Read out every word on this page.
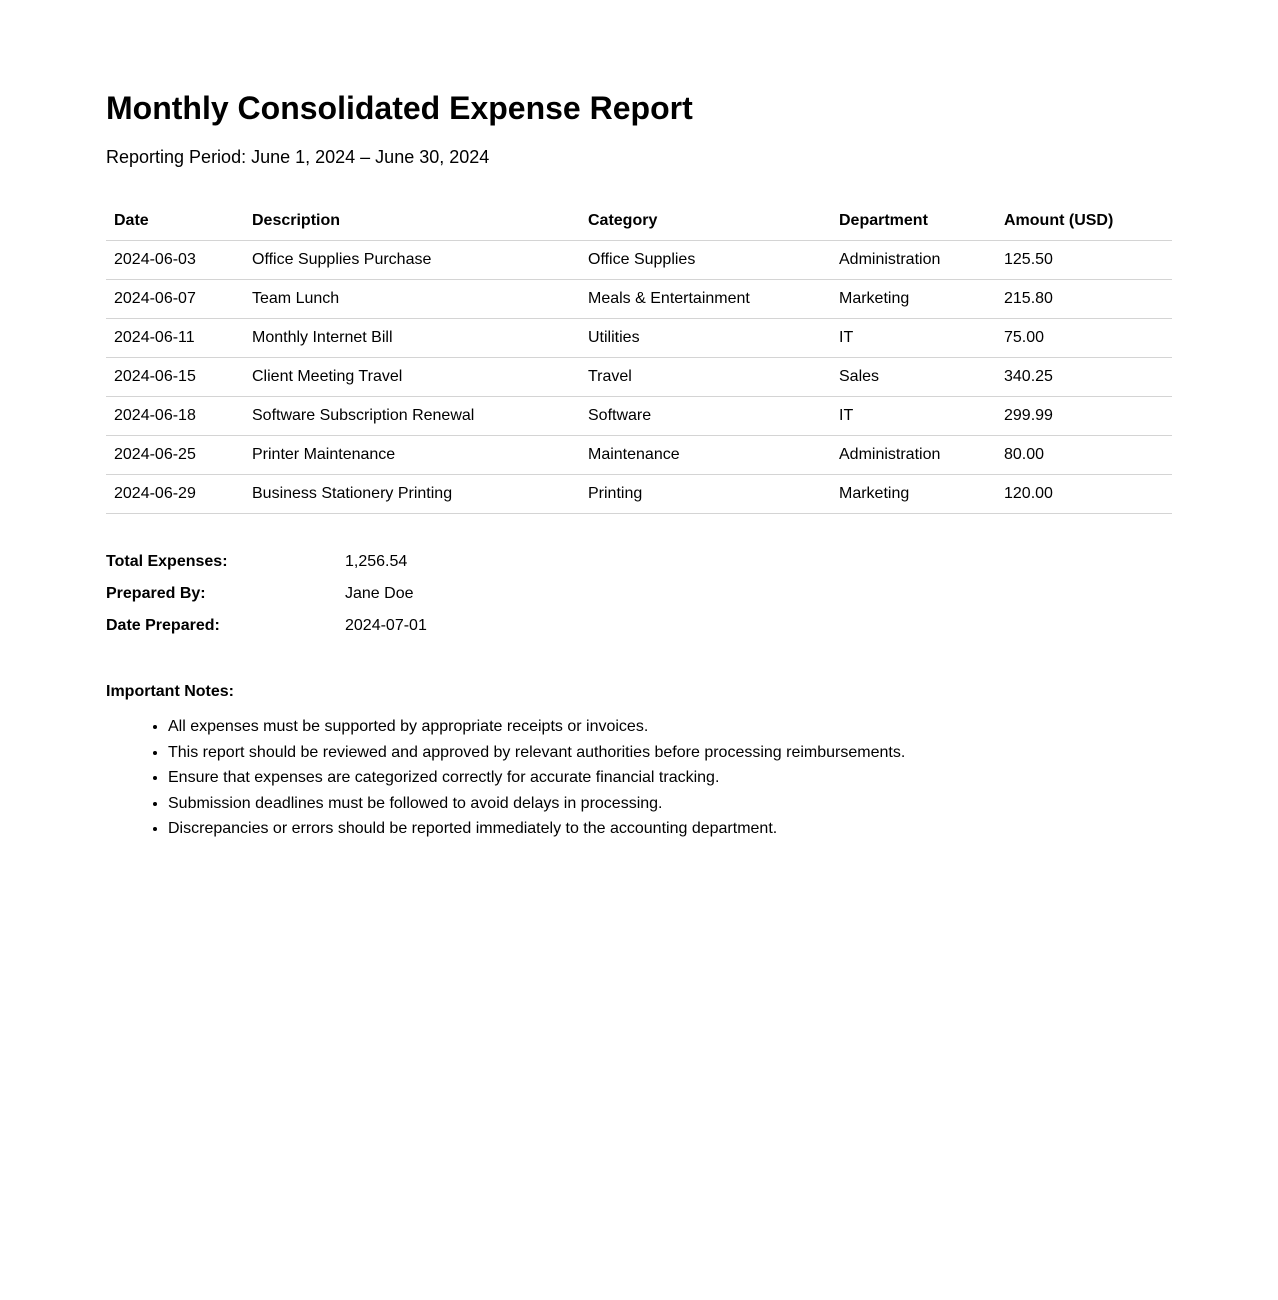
Monthly Consolidated Expense Report
Reporting Period: June 1, 2024 – June 30, 2024
Date	Description	Category	Department	Amount (USD)
2024-06-03	Office Supplies Purchase	Office Supplies	Administration	125.50
2024-06-07	Team Lunch	Meals & Entertainment	Marketing	215.80
2024-06-11	Monthly Internet Bill	Utilities	IT	75.00
2024-06-15	Client Meeting Travel	Travel	Sales	340.25
2024-06-18	Software Subscription Renewal	Software	IT	299.99
2024-06-25	Printer Maintenance	Maintenance	Administration	80.00
2024-06-29	Business Stationery Printing	Printing	Marketing	120.00
Total Expenses:	1,256.54
Prepared By:	Jane Doe
Date Prepared:	2024-07-01
Important Notes:
• All expenses must be supported by appropriate receipts or invoices.
• This report should be reviewed and approved by relevant authorities before processing reimbursements.
• Ensure that expenses are categorized correctly for accurate financial tracking.
• Submission deadlines must be followed to avoid delays in processing.
• Discrepancies or errors should be reported immediately to the accounting department.
